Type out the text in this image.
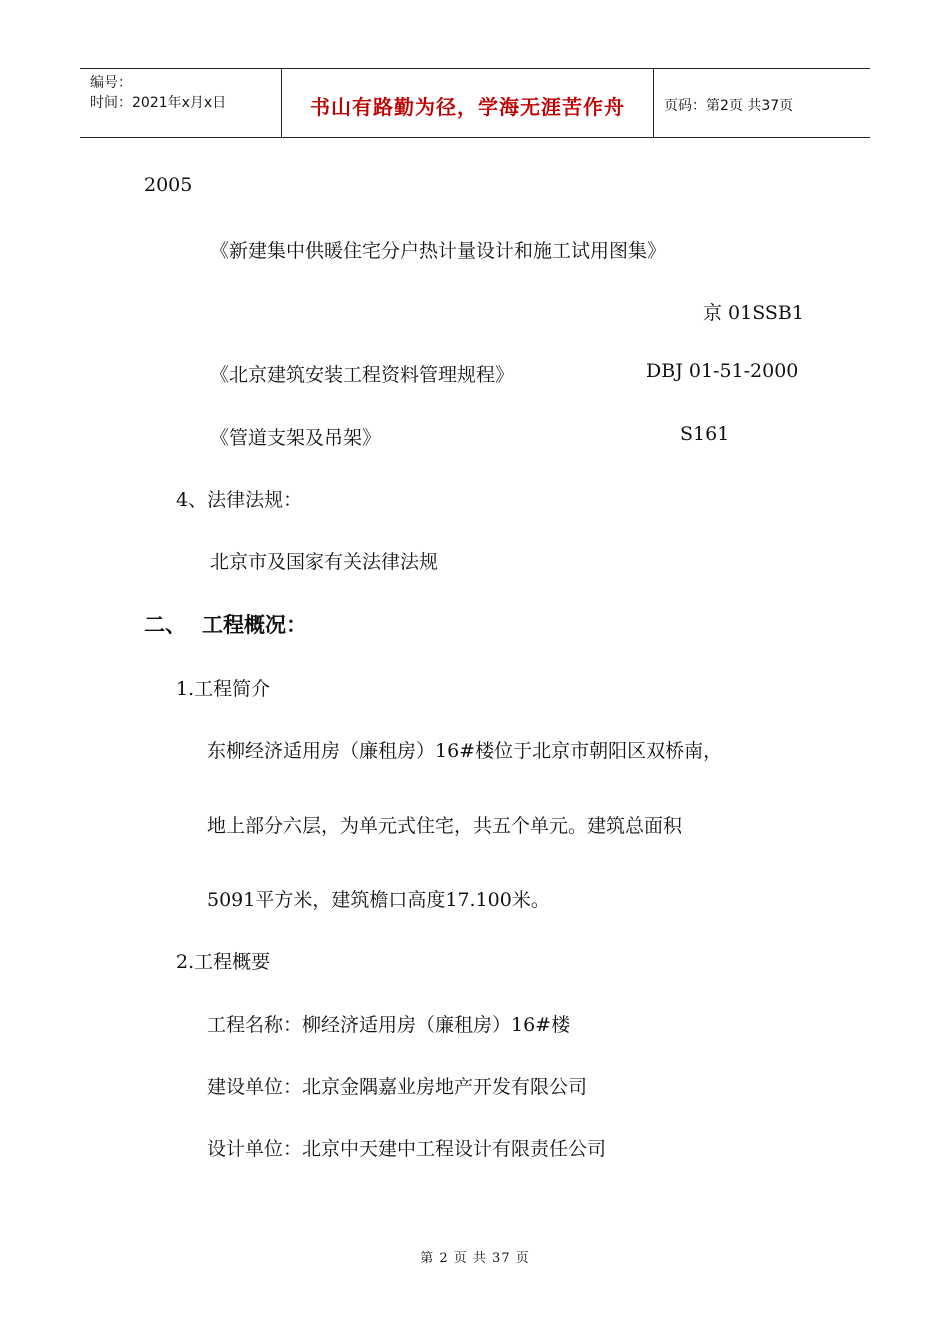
编号：
时间：2021年x月x日	书山有路勤为径，学海无涯苦作舟	页码：第2页 共37页
2005
《新建集中供暖住宅分户热计量设计和施工试用图集》
京 01SSB1
《北京建筑安装工程资料管理规程》	DBJ 01-51-2000
《管道支架及吊架》	S161
4、法律法规：
北京市及国家有关法律法规
二、 工程概况：
1.工程简介
东柳经济适用房（廉租房）16#楼位于北京市朝阳区双桥南，
地上部分六层，为单元式住宅，共五个单元。建筑总面积
5091平方米，建筑檐口高度17.100米。
2.工程概要
工程名称：柳经济适用房（廉租房）16#楼
建设单位：北京金隅嘉业房地产开发有限公司
设计单位：北京中天建中工程设计有限责任公司
第 2 页 共 37 页
